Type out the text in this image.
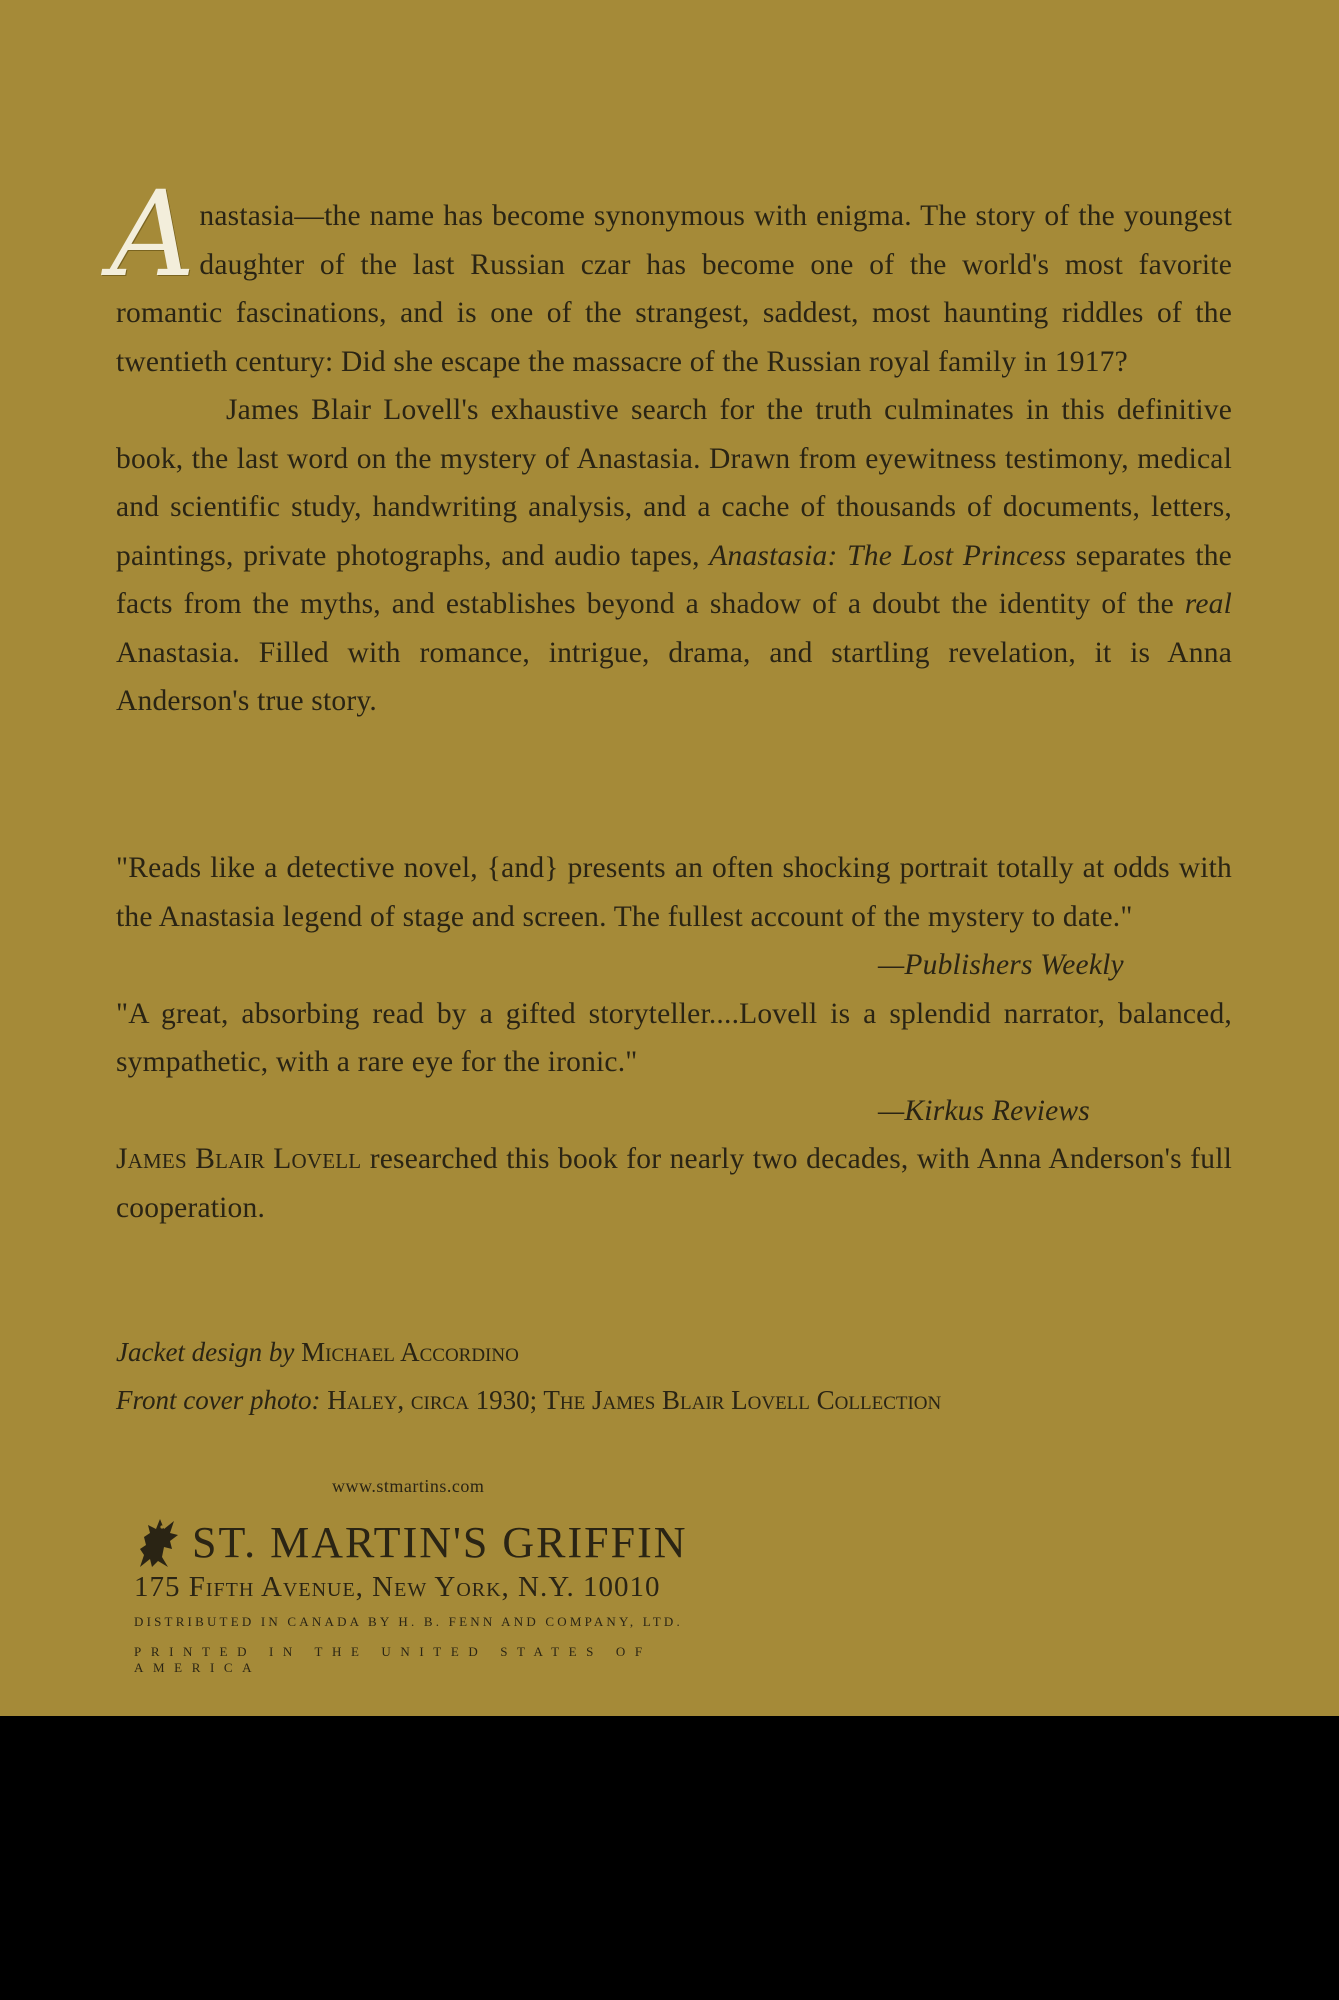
Anastasia—the name has become synonymous with enigma. The story of the youngest daughter of the last Russian czar has become one of the world's most favorite romantic fascinations, and is one of the strangest, saddest, most haunting riddles of the twentieth century: Did she escape the massacre of the Russian royal family in 1917?

James Blair Lovell's exhaustive search for the truth culminates in this definitive book, the last word on the mystery of Anastasia. Drawn from eyewitness testimony, medical and scientific study, handwriting analysis, and a cache of thousands of documents, letters, paintings, private photographs, and audio tapes, Anastasia: The Lost Princess separates the facts from the myths, and establishes beyond a shadow of a doubt the identity of the real Anastasia. Filled with romance, intrigue, drama, and startling revelation, it is Anna Anderson's true story.

"Reads like a detective novel, {and} presents an often shocking portrait totally at odds with the Anastasia legend of stage and screen. The fullest account of the mystery to date."

—Publishers Weekly

"A great, absorbing read by a gifted storyteller....Lovell is a splendid narrator, balanced, sympathetic, with a rare eye for the ironic."

—Kirkus Reviews

James Blair Lovell researched this book for nearly two decades, with Anna Anderson's full cooperation.

Jacket design by Michael Accordino
Front cover photo: Haley, circa 1930; The James Blair Lovell Collection
www.stmartins.com
ST. MARTIN'S GRIFFIN
175 Fifth Avenue, New York, N.Y. 10010
DISTRIBUTED IN CANADA BY H. B. FENN AND COMPANY, LTD.
PRINTED IN THE UNITED STATES OF AMERICA
